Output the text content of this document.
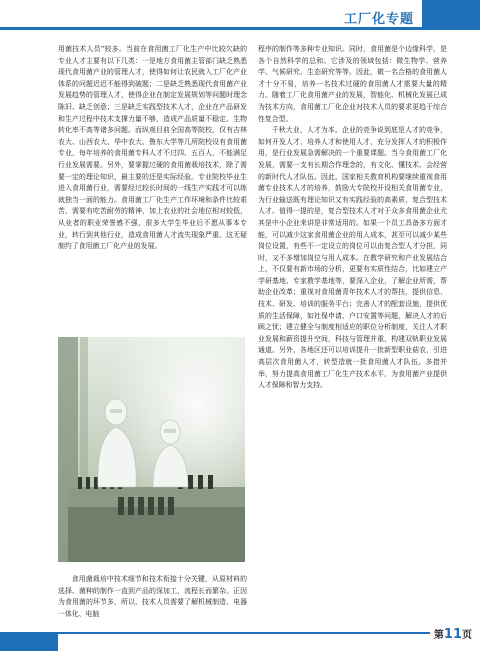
工厂化专题

用菌技术人员”较多。当前在食用菌工厂化生产中比较欠缺的专业人才主要有以下几类：一是地方食用菌主管部门缺乏熟悉现代食用菌产业的管理人才，使得如何让农民就入工厂化产业体系的问题迟迟不能得到破题；二是缺乏熟悉现代食用菌产业发展趋势的管理人才，使得企业在制定发展规划等问题时理念陈旧、缺乏创意；三是缺乏实践型技术人才，企业在产品研发和生产过程中技术支撑力量不够，造成产品质量不稳定、生物转化率不高等诸多问题。而纵观目前全国高等院校，仅有吉林农大、山西农大、华中农大、鲁东大学等几所院校设有食用菌专业，每年培养的食用菌专科人才不过四、五百人，不能满足行业发展需要。另外，要掌握过硬的食用菌栽培技术，除了需要一定的理论知识，最主要的还是实际经验。专业院校毕业生进入食用菌行业，需要经过较长时间的一线生产实践才可以练就独当一面的能力。食用菌工厂化生产工作环境和条件比较艰苦，需要有吃苦耐劳的精神，加上农业的社会地位相对较低，从业者的职业荣誉感不强，很多大学生毕业后不愿从事本专业，转行到其他行业，造成食用菌人才流失现象严重。这无疑制约了食用菌工厂化产业的发展。

食用菌栽培中技术细节和技术衔接十分关键，从原材料的选择、菌种的制作一直到产品的深加工，流程长而繁杂。正因为食用菌的环节多，所以，技术人员需要了解机械制造、电器一体化、电脑

程序的制作等多种专业知识。同时，食用菌是个边缘科学，是各个自然科学的总和。它涉及的领域包括：微生物学、营养学、气候研究、生态研究等等。因此，做一名合格的食用菌人才十分不易，培养一名技术过硬的食用菌人才需要大量的精力。随着工厂化食用菌产业的发展，智能化、机械化发展已成为技术方向，食用菌工厂化企业对技术人员的要求更趋于综合性复合型。

千秋大业，人才为本。企业的竞争说到底是人才的竞争，如何开发人才、培养人才和使用人才，充分发挥人才的积极作用，是行业发展急需解决的一个重要课题。当今食用菌工厂化发展，需要一支有长期合作理念的，有文化、懂技术、会经营的新时代人才队伍。因此，国家相关教育机构要继续重视食用菌专业技术人才的培养，鼓励大专院校开设相关食用菌专业，为行业输送既有理论知识又有实践经验的高素质、复合型技术人才。值得一提的是，复合型技术人才对于众多食用菌企业尤其是中小企业来讲是非常适用的。如果一个员工具备多方面才能，可以减少这家食用菌企业的用人成本，甚至可以减少某些岗位设置，有些不一定设立的岗位可以由复合型人才分担，同时，又不多增加岗位与用人成本。在教学研究和产业发展结合上，不仅要有新市场的分析，更要有实质性结合，比如建立产学研基地、专家教学基地等，要深入企业，了解企业所需，帮助企业改革；重视对食用菌青年技术人才的帮扶，提供信息、技术、研发、培训的服务平台；完善人才的配套设施，提供优质的生活保障，如社保申请、户口安置等问题，解决人才的后顾之忧；建立健全与制度相适应的职位分析制度，关注人才职业发展和薪资提升空间，科技与管理并重，构建双轨职业发展通道。另外，各地区还可以培训提升一批新型职业菇农，引进高层次食用菌人才，转型造就一批食用菌人才队伍。多措并举，努力提高食用菌工厂化生产技术水平，为食用菌产业提供人才保障和智力支持。

第11页
